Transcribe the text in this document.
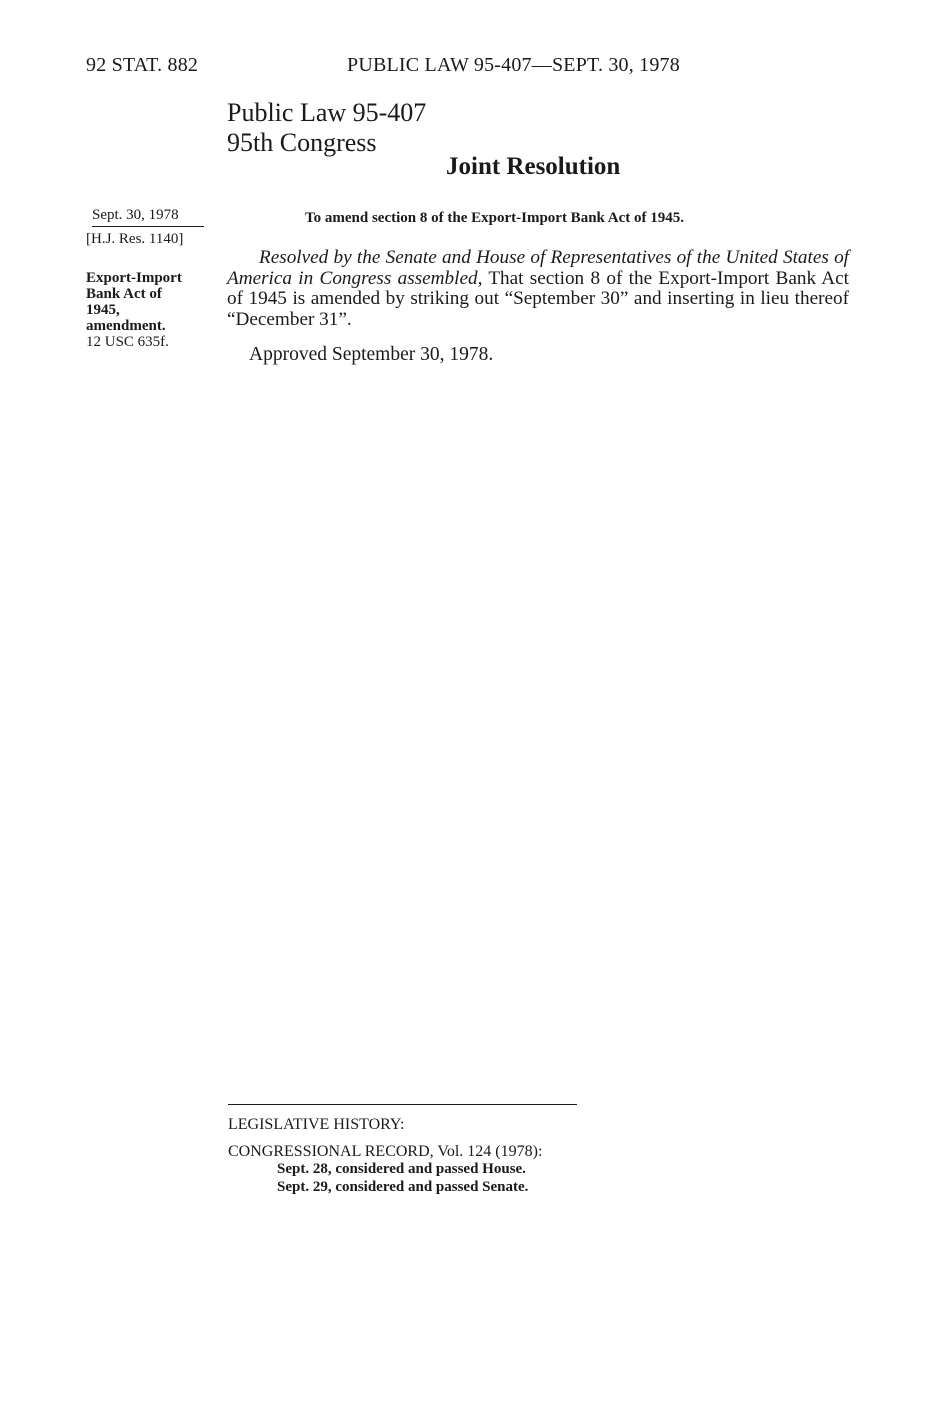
92 STAT. 882	PUBLIC LAW 95-407—SEPT. 30, 1978
Public Law 95-407
95th Congress
Joint Resolution
Sept. 30, 1978
[H.J. Res. 1140]
To amend section 8 of the Export-Import Bank Act of 1945.
Resolved by the Senate and House of Representatives of the United States of America in Congress assembled, That section 8 of the Export-Import Bank Act of 1945 is amended by striking out “September 30” and inserting in lieu thereof “December 31”.
Export-Import
Bank Act of
1945,
amendment.
12 USC 635f.
Approved September 30, 1978.
LEGISLATIVE HISTORY:
CONGRESSIONAL RECORD, Vol. 124 (1978):
Sept. 28, considered and passed House.
Sept. 29, considered and passed Senate.
